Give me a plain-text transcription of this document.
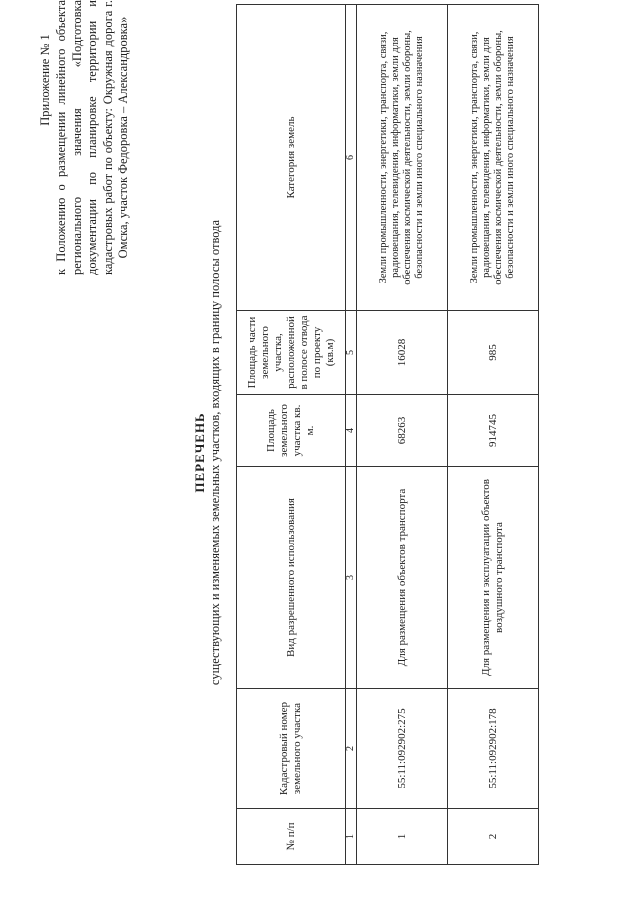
Приложение № 1 к Положению о размещении линейного объекта регионального значения «Подготовка документации по планировке территории и кадастровых работ по объекту: Окружная дорога г. Омска, участок Федоровка – Александровка»
ПЕРЕЧЕНЬ существующих и изменяемых земельных участков, входящих в границу полосы отвода
№ п/п	Кадастровый номер земельного участка	Вид разрешенного использования	Площадь земельного участка кв. м.	Площадь части земельного участка, расположенной в полосе отвода по проекту (кв.м)	Категория земель
1	2	3	4	5	6
1	55:11:092902:275	Для размещения объектов транспорта	68263	16028	Земли промышленности, энергетики, транспорта, связи, радиовещания, телевидения, информатики, земли для обеспечения космической деятельности, земли обороны, безопасности и земли иного специального назначения
2	55:11:092902:178	Для размещения и эксплуатации объектов воздушного транспорта	914745	985	Земли промышленности, энергетики, транспорта, связи, радиовещания, телевидения, информатики, земли для обеспечения космической деятельности, земли обороны, безопасности и земли иного специального назначения
